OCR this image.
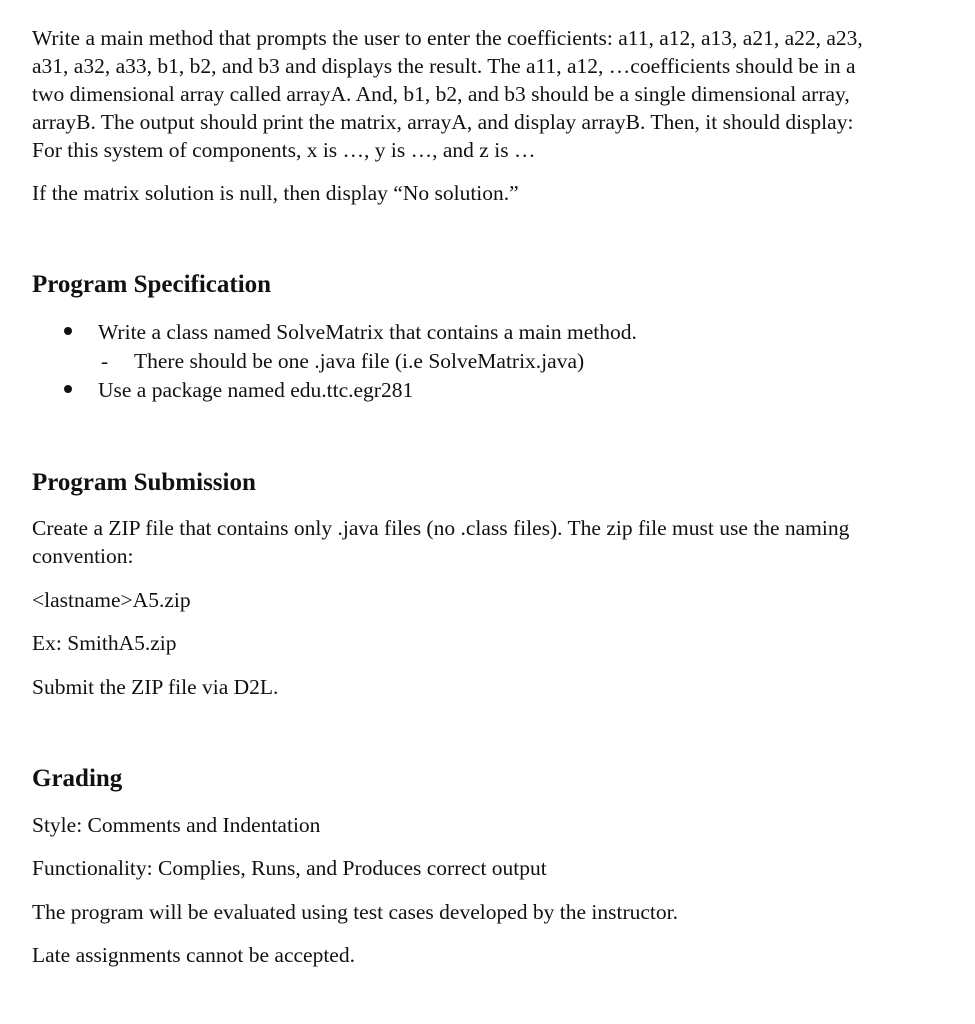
Write a main method that prompts the user to enter the coefficients: a11, a12, a13, a21, a22, a23,

a31, a32, a33, b1, b2, and b3 and displays the result. The a11, a12, …coefficients should be in a

two dimensional array called arrayA. And, b1, b2, and b3 should be a single dimensional array,

arrayB. The output should print the matrix, arrayA, and display arrayB. Then, it should display:

For this system of components, x is …, y is …, and z is …

If the matrix solution is null, then display “No solution.”

Program Specification
Write a class named SolveMatrix that contains a main method.
- There should be one .java file (i.e SolveMatrix.java)
Use a package named edu.ttc.egr281
Program Submission

Create a ZIP file that contains only .java files (no .class files). The zip file must use the naming

convention:

<lastname>A5.zip

Ex: SmithA5.zip

Submit the ZIP file via D2L.

Grading

Style: Comments and Indentation

Functionality: Complies, Runs, and Produces correct output

The program will be evaluated using test cases developed by the instructor.

Late assignments cannot be accepted.
